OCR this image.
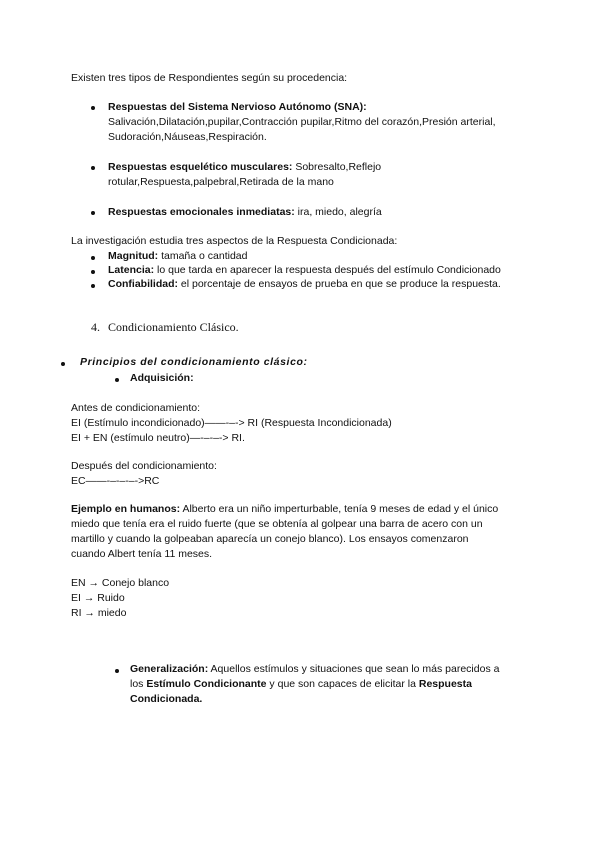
Existen tres tipos de Respondientes según su procedencia:
Respuestas del Sistema Nervioso Autónomo (SNA):
Salivación,Dilatación,pupilar,Contracción pupilar,Ritmo del corazón,Presión arterial,
Sudoración,Náuseas,Respiración.
Respuestas esquelético musculares: Sobresalto,Reflejo
rotular,Respuesta,palpebral,Retirada de la mano
Respuestas emocionales inmediatas: ira, miedo, alegría
La investigación estudia tres aspectos de la Respuesta Condicionada:
Magnitud: tamaña o cantidad
Latencia: lo que tarda en aparecer la respuesta después del estímulo Condicionado
Confiabilidad: el porcentaje de ensayos de prueba en que se produce la respuesta.
4. Condicionamiento Clásico.
Principios del condicionamiento clásico:
Adquisición:
Antes de condicionamiento:
EI (Estímulo incondicionado)——-–-> RI (Respuesta Incondicionada)
EI + EN (estímulo neutro)—-–-–-> RI.
Después del condicionamiento:
EC——-–-–-–->RC
Ejemplo en humanos: Alberto era un niño imperturbable, tenía 9 meses de edad y el único
miedo que tenía era el ruido fuerte (que se obtenía al golpear una barra de acero con un
martillo y cuando la golpeaban aparecía un conejo blanco). Los ensayos comenzaron
cuando Albert tenía 11 meses.
EN → Conejo blanco
EI → Ruido
RI → miedo
Generalización: Aquellos estímulos y situaciones que sean lo más parecidos a
los Estímulo Condicionante y que son capaces de elicitar la Respuesta
Condicionada.
